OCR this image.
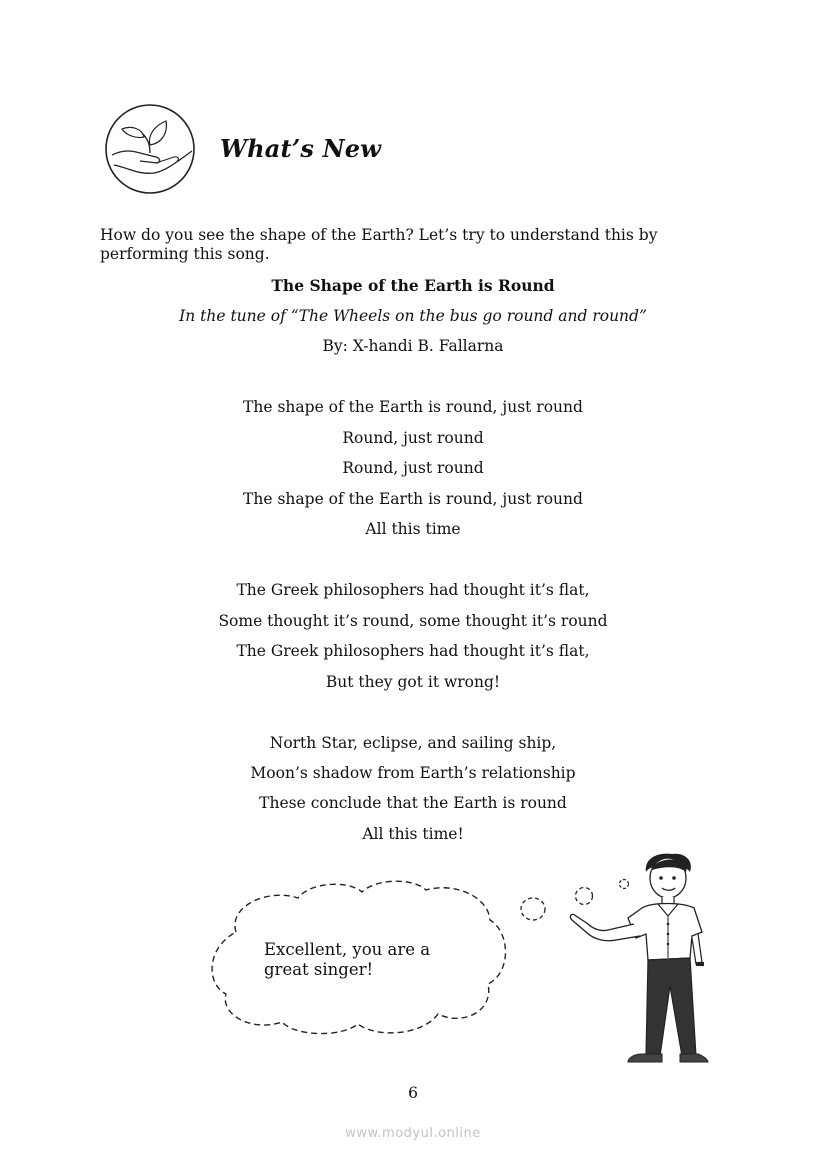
What’s New
How do you see the shape of the Earth? Let’s try to understand this by performing this song.
The Shape of the Earth is Round
In the tune of “The Wheels on the bus go round and round”
By: X-handi B. Fallarna
The shape of the Earth is round, just round
Round, just round
Round, just round
The shape of the Earth is round, just round
All this time
The Greek philosophers had thought it’s flat,
Some thought it’s round, some thought it’s round
The Greek philosophers had thought it’s flat,
But they got it wrong!
North Star, eclipse, and sailing ship,
Moon’s shadow from Earth’s relationship
These conclude that the Earth is round
All this time!
Excellent, you are a
great singer!
6
www.modyul.online
